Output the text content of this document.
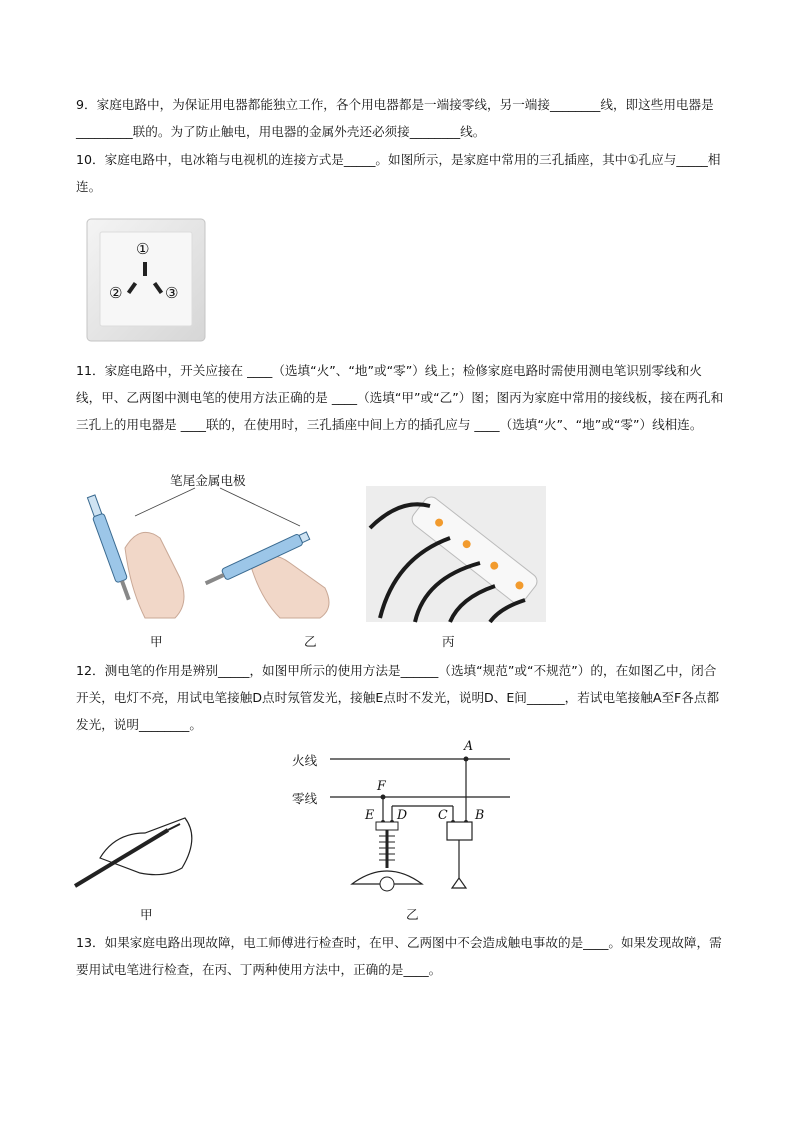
9．家庭电路中，为保证用电器都能独立工作，各个用电器都是一端接零线，另一端接________线，即这些用电器是_________联的。为了防止触电，用电器的金属外壳还必须接________线。
10．家庭电路中，电冰箱与电视机的连接方式是_____。如图所示，是家庭中常用的三孔插座，其中①孔应与_____相连。
①
②	③
11．家庭电路中，开关应接在 ____（选填“火”、“地”或“零”）线上；检修家庭电路时需使用测电笔识别零线和火线，甲、乙两图中测电笔的使用方法正确的是 ____（选填“甲”或“乙”）图；图丙为家庭中常用的接线板，接在两孔和三孔上的用电器是 ____联的，在使用时，三孔插座中间上方的插孔应与 ____（选填“火”、“地”或“零”）线相连。
笔尾金属电极
甲	乙	丙
12．测电笔的作用是辨别_____，如图甲所示的使用方法是______（选填“规范”或“不规范”）的，在如图乙中，闭合开关，电灯不亮，用试电笔接触D点时氖管发光，接触E点时不发光，说明D、E间______，若试电笔接触A至F各点都发光，说明________。
火线
零线
A
F
E D C B
甲	乙
13．如果家庭电路出现故障，电工师傅进行检查时，在甲、乙两图中不会造成触电事故的是____。如果发现故障，需要用试电笔进行检查，在丙、丁两种使用方法中，正确的是____。
